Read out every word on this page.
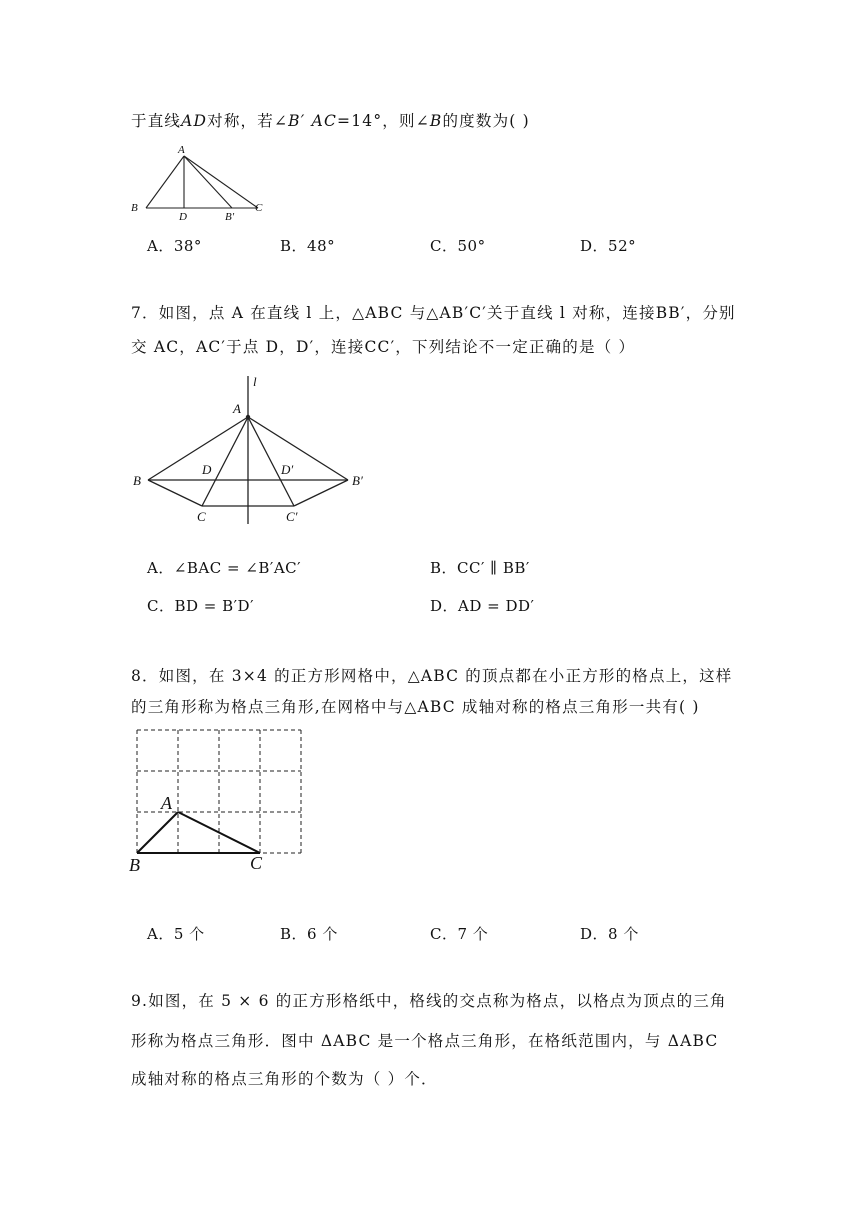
于直线AD对称，若∠B′ AC=14°，则∠B的度数为( )
A
B
D	B'
C
A．38°	B．48°	C．50°	D．52°
7．如图，点 A 在直线 l 上，△ABC 与△AB′C′关于直线 l 对称，连接BB′，分别
交 AC，AC′于点 D，D′，连接CC′，下列结论不一定正确的是（ ）
l
A
B
D	D′
B′
C	C′
A．∠BAC = ∠B′AC′	B．CC′ ∥ BB′
C．BD = B′D′	D．AD = DD′
8．如图，在 3×4 的正方形网格中，△ABC 的顶点都在小正方形的格点上，这样
的三角形称为格点三角形,在网格中与△ABC 成轴对称的格点三角形一共有( )
A
B	C
A．5 个	B．6 个	C．7 个	D．8 个
9.如图，在 5 × 6 的正方形格纸中，格线的交点称为格点，以格点为顶点的三角
形称为格点三角形．图中 ΔABC 是一个格点三角形，在格纸范围内，与 ΔABC
成轴对称的格点三角形的个数为（ ）个．
